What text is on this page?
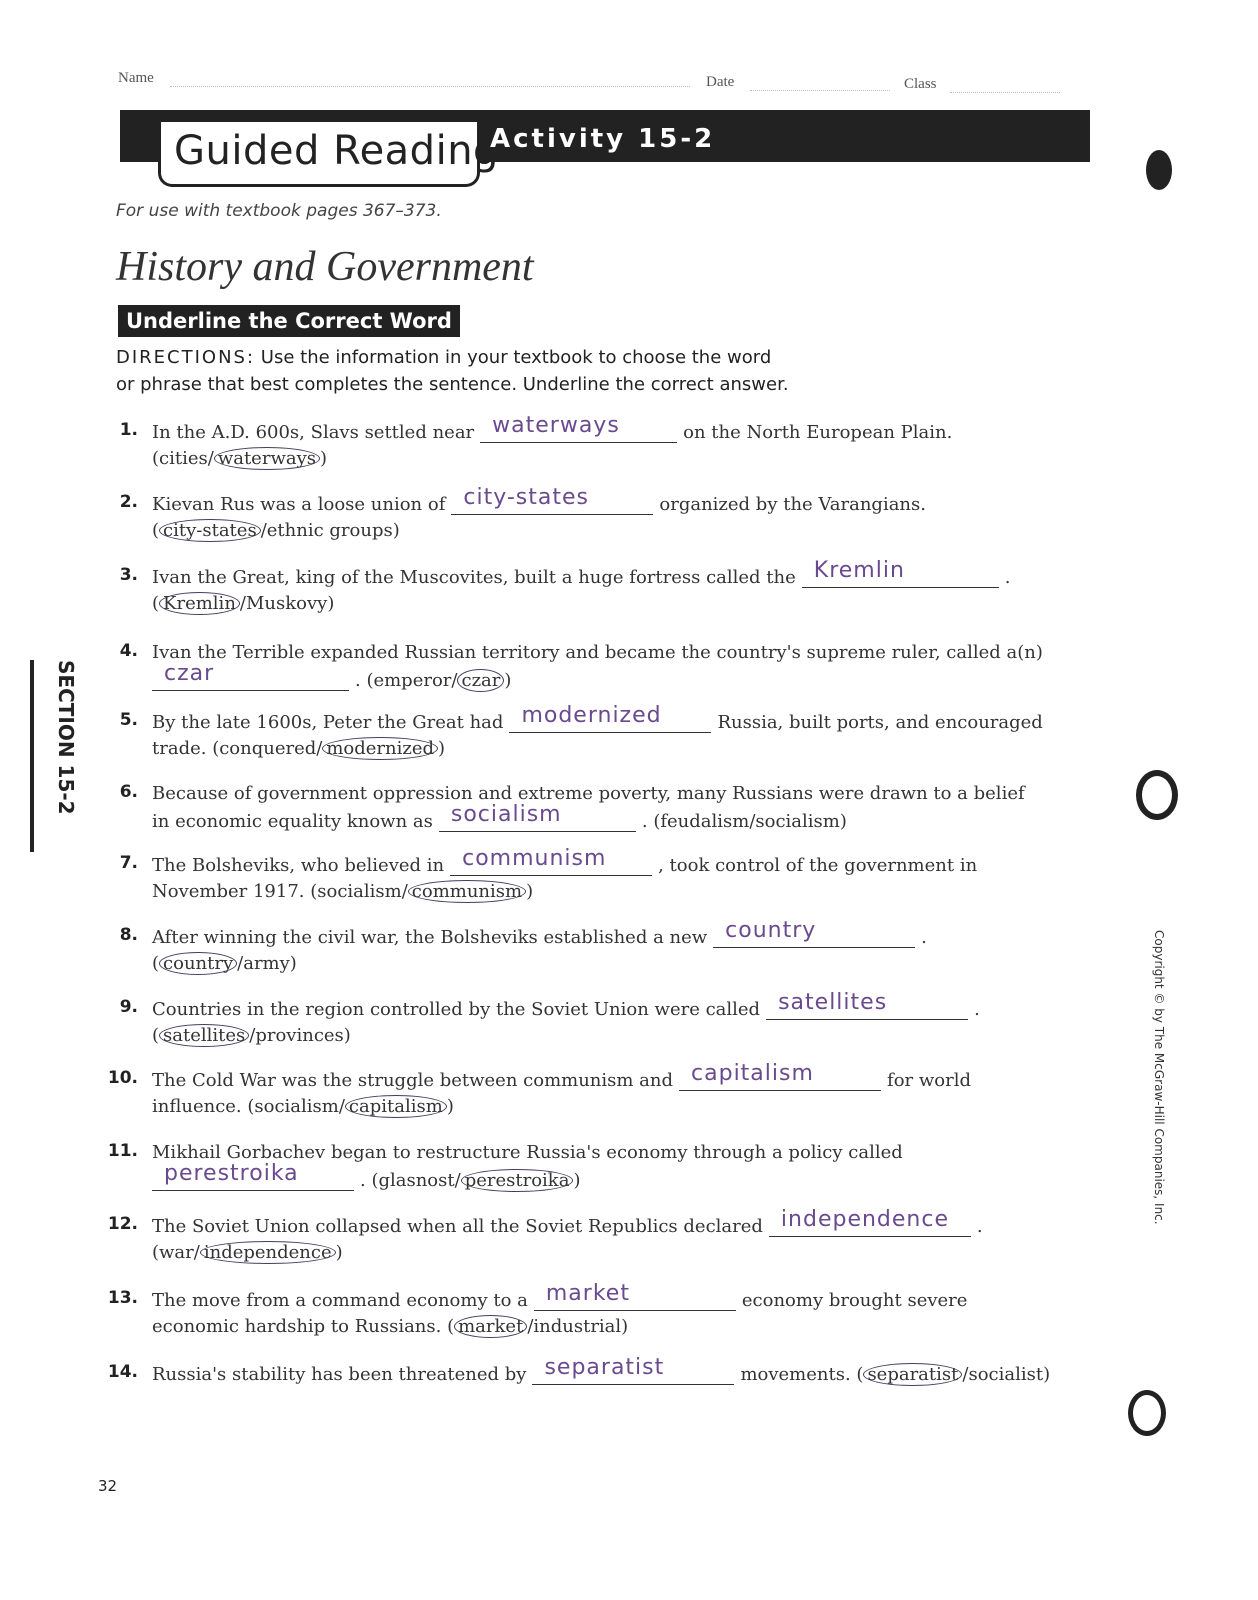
Name	Date	Class
Guided Reading
Activity 15-2
For use with textbook pages 367–373.
History and Government
Underline the Correct Word
DIRECTIONS: Use the information in your textbook to choose the word
or phrase that best completes the sentence. Underline the correct answer.
1. In the A.D. 600s, Slavs settled near waterways	on the North European Plain.
(cities/ waterways )
2. Kievan Rus was a loose union of city-states	organized by the Varangians.
( city-states /ethnic groups)
3. Ivan the Great, king of the Muscovites, built a huge fortress called the Kremlin	.
( Kremlin /Muskovy)
4. Ivan the Terrible expanded Russian territory and became the country's supreme ruler, called a(n)
czar	. (emperor/ czar )
5. By the late 1600s, Peter the Great had modernized	Russia, built ports, and encouraged
trade. (conquered/ modernized )
6. Because of government oppression and extreme poverty, many Russians were drawn to a belief
in economic equality known as socialism	. (feudalism/socialism)
7. The Bolsheviks, who believed in communism	, took control of the government in
November 1917. (socialism/ communism )
8. After winning the civil war, the Bolsheviks established a new country	.
( country /army)
9. Countries in the region controlled by the Soviet Union were called satellites	.
( satellites /provinces)
10. The Cold War was the struggle between communism and capitalism	for world
influence. (socialism/ capitalism )
11. Mikhail Gorbachev began to restructure Russia's economy through a policy called
perestroika	. (glasnost/ perestroika )
12. The Soviet Union collapsed when all the Soviet Republics declared independence .
(war/ independence )
13. The move from a command economy to a market	economy brought severe
economic hardship to Russians. ( market /industrial)
14. Russia's stability has been threatened by separatist	movements. ( separatist /socialist)
SECTION 15-2
Copyright © by The McGraw-Hill Companies, Inc.
32
